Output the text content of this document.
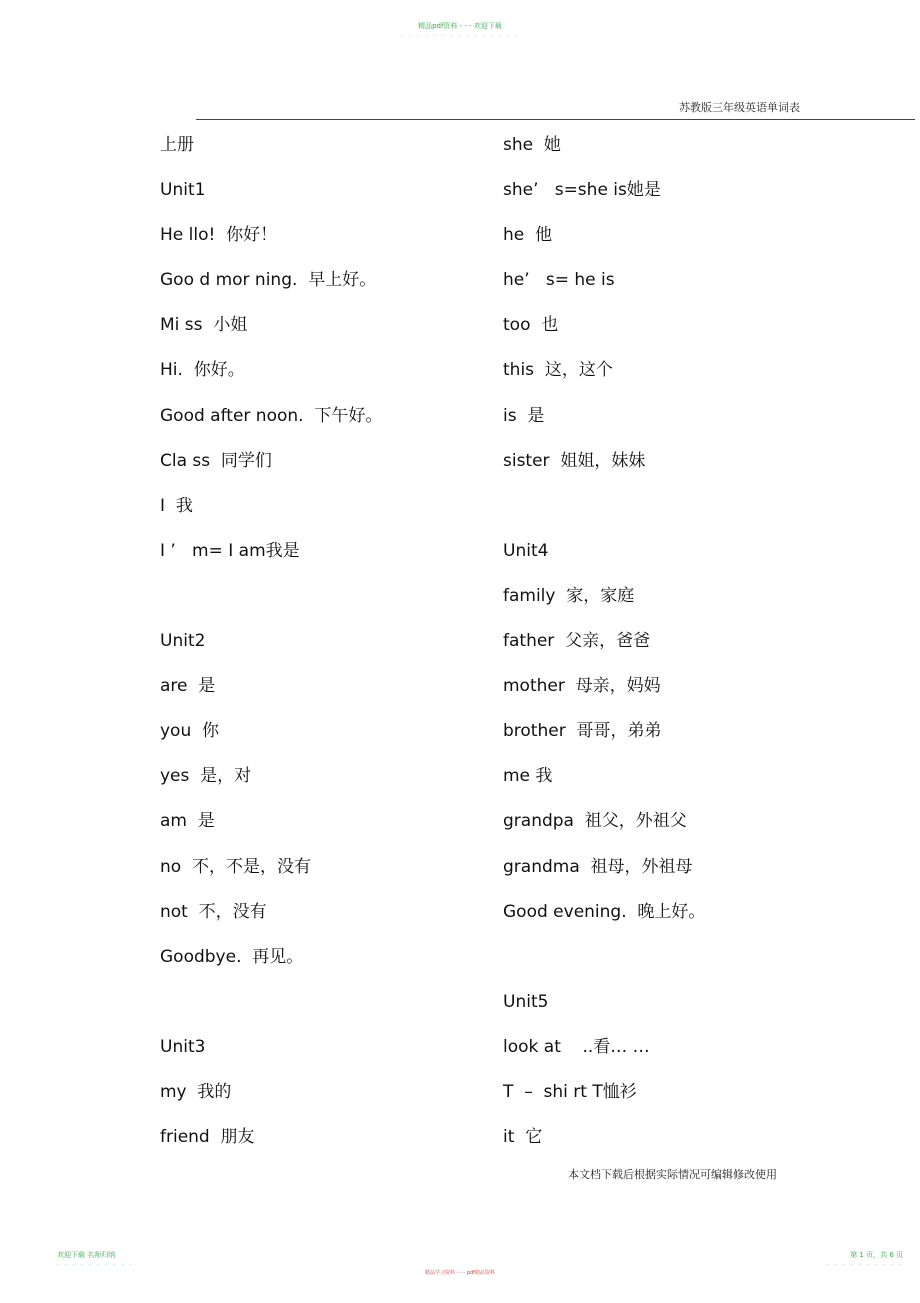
精品pdf资料 - - - 欢迎下载
- - - - - - - - - - - - - - -
苏教版三年级英语单词表
上册
Unit1
He llo!  你好！
Goo d mor ning.  早上好。
Mi ss  小姐
Hi.  你好。
Good after noon.  下午好。
Cla ss  同学们
I  我
I ’   m= I am我是
Unit2
are  是
you  你
yes  是，对
am  是
no  不，不是，没有
not  不，没有
Goodbye.  再见。
Unit3
my  我的
friend  朋友
she  她
she’   s=she is她是
he  他
he’   s= he is
too  也
this  这，这个
is  是
sister  姐姐，妹妹
Unit4
family  家，家庭
father  父亲，爸爸
mother  母亲，妈妈
brother  哥哥，弟弟
me 我
grandpa  祖父，外祖父
grandma  祖母，外祖母
Good evening.  晚上好。
Unit5
look at    ..看… …
T  –  shi rt T恤衫
it  它
本文档下载后根据实际情况可编辑修改使用
欢迎下载 名师归纳

- - - - - - - - - -
精品学习资料 - - - pdf精品资料
第 1 页，共 6 页

- - - - - - - - - -
